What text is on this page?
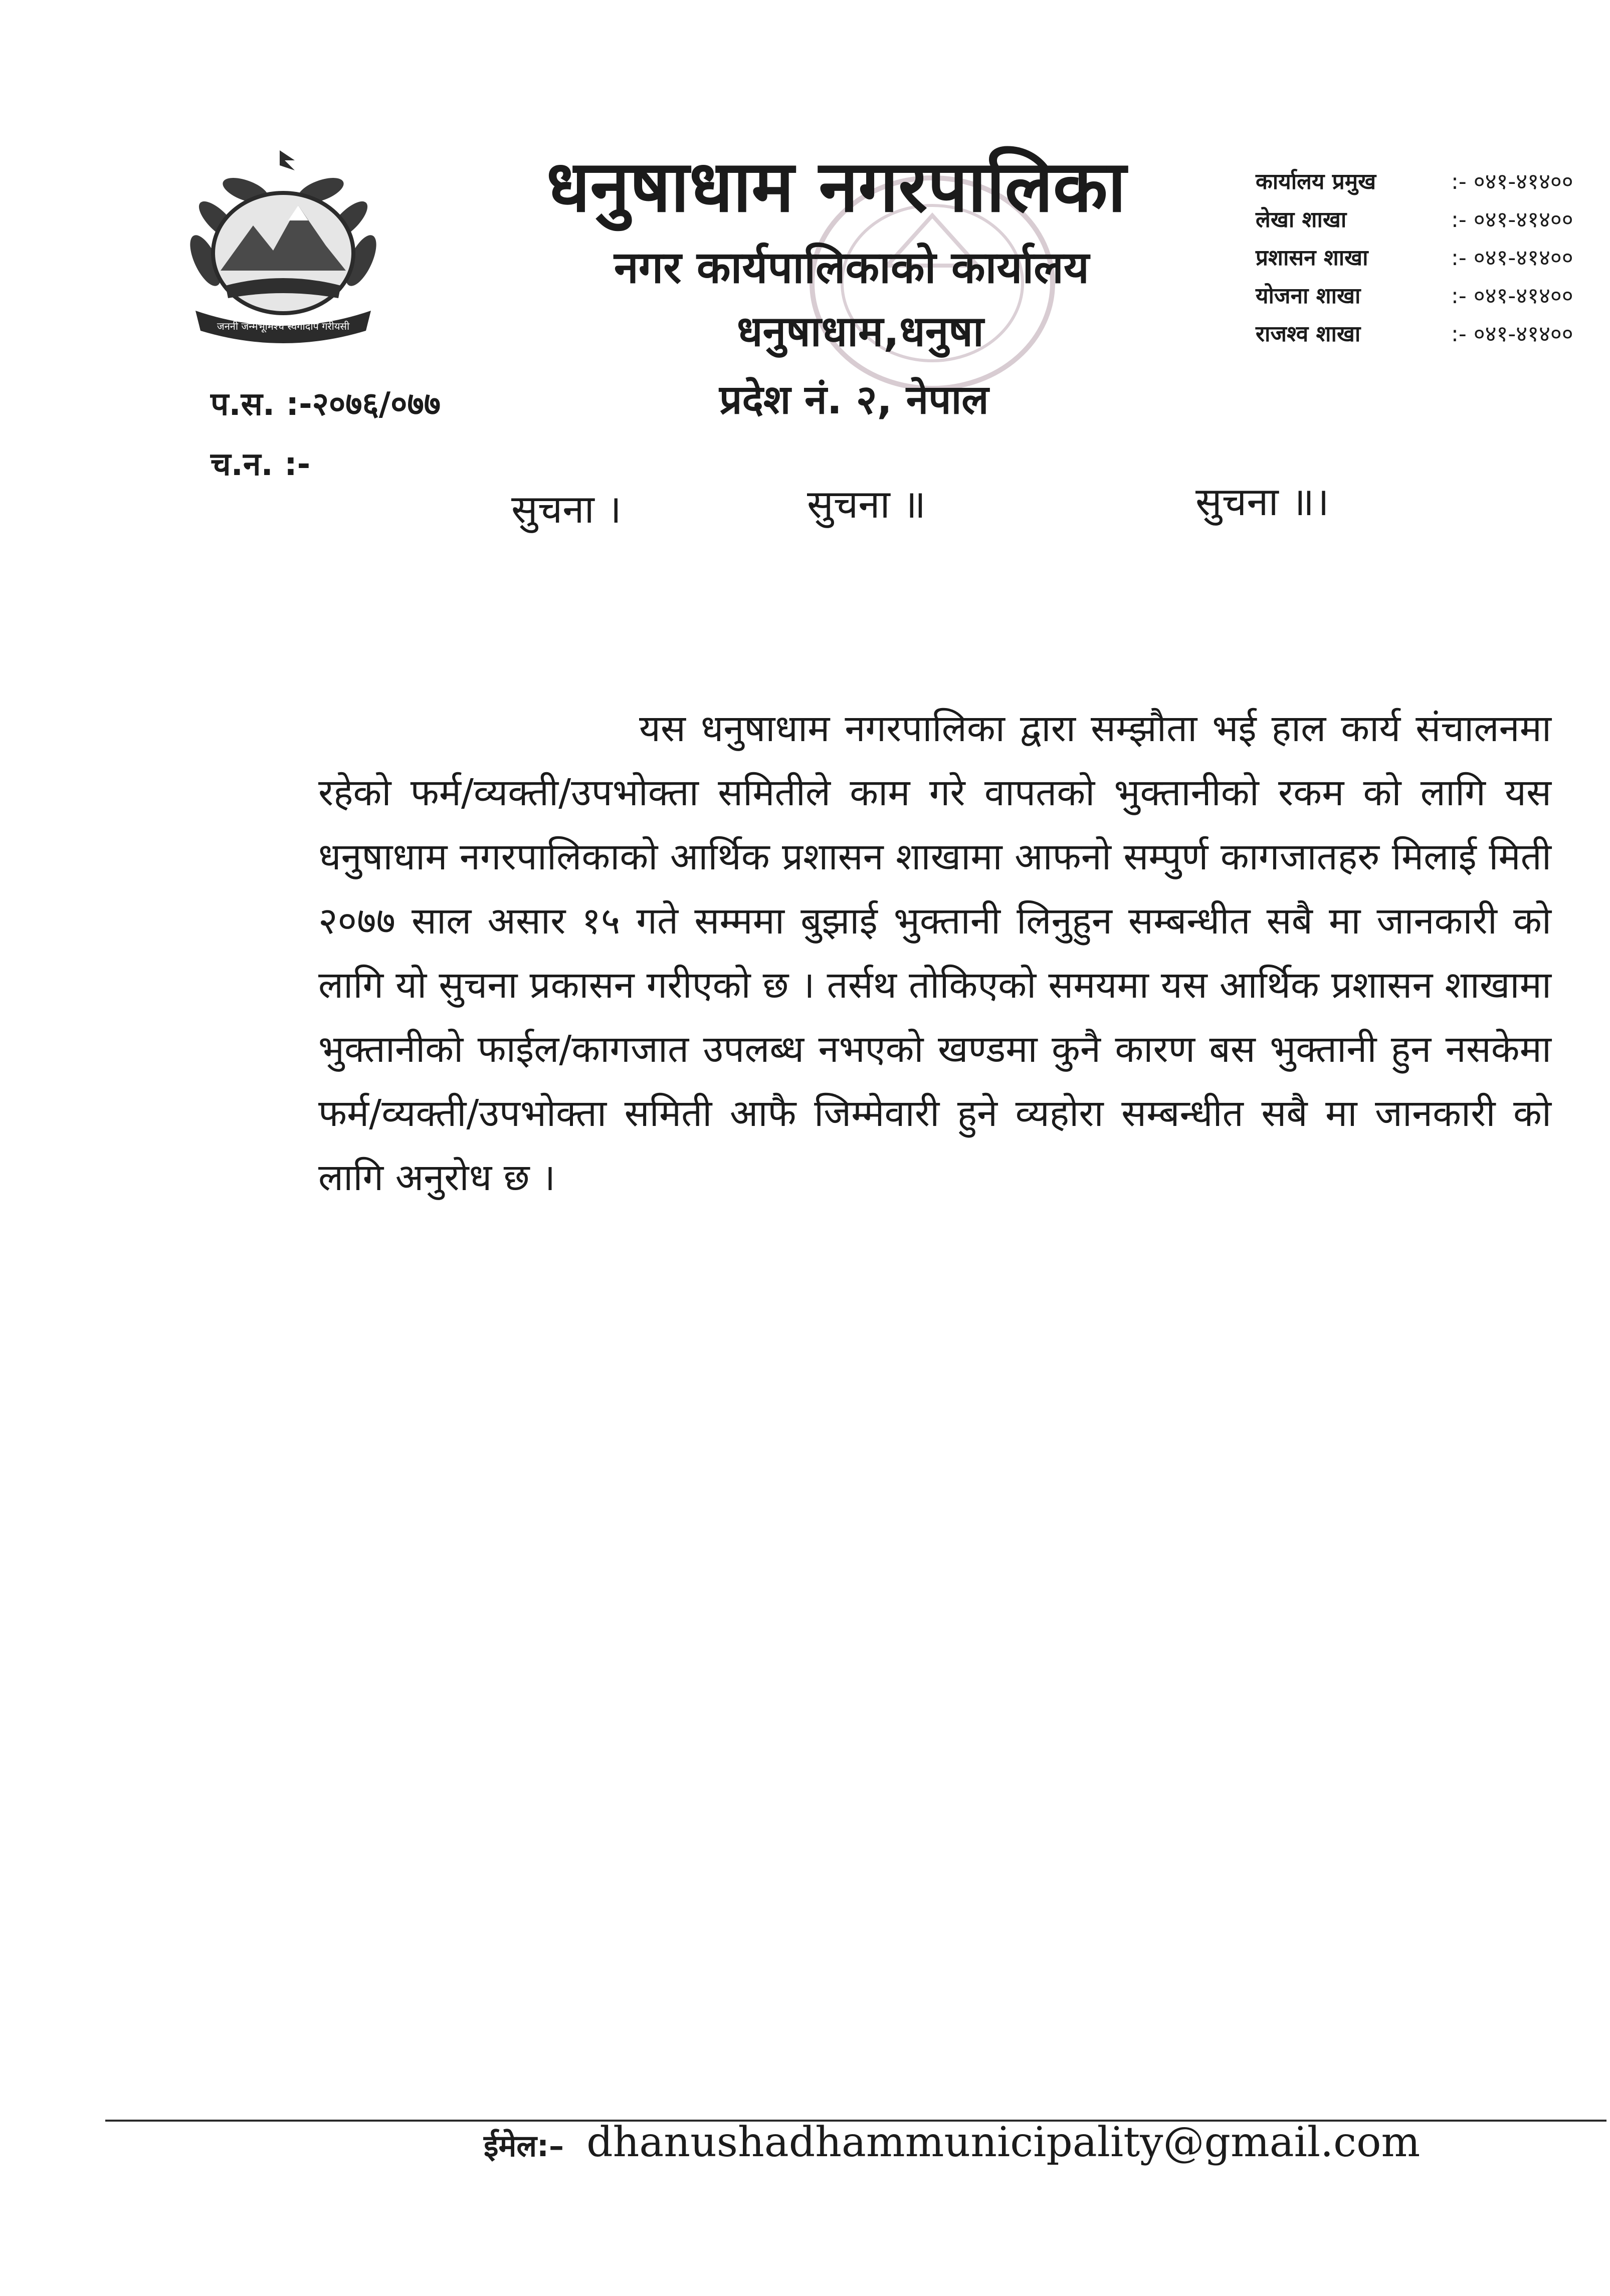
जननी जन्मभूमिश्च स्वर्गादपि गरीयसी
धनुषाधाम नगरपालिका
नगर कार्यपालिकाको कार्यालय
धनुषाधाम,धनुषा
प्रदेश नं. २, नेपाल
कार्यालय प्रमुख	:- ०४१-४१४००
लेखा शाखा	:- ०४१-४१४००
प्रशासन शाखा	:- ०४१-४१४००
योजना शाखा	:- ०४१-४१४००
राजश्व शाखा	:- ०४१-४१४००
प.स. :-२०७६/०७७
च.न. :-
सुचना ।	सुचना ॥	सुचना ॥।
यस धनुषाधाम नगरपालिका द्वारा सम्झौता भई हाल कार्य संचालनमा रहेको फर्म/व्यक्ती/उपभोक्ता समितीले काम गरे वापतको भुक्तानीको रकम को लागि यस धनुषाधाम नगरपालिकाको आर्थिक प्रशासन शाखामा आफनो सम्पुर्ण कागजातहरु मिलाई मिती २०७७ साल असार १५ गते सम्ममा बुझाई भुक्तानी लिनुहुन सम्बन्धीत सबै मा जानकारी को लागि यो सुचना प्रकासन गरीएको छ । तर्सथ तोकिएको समयमा यस आर्थिक प्रशासन शाखामा भुक्तानीको फाईल/कागजात उपलब्ध नभएको खण्डमा कुनै कारण बस भुक्तानी हुन नसकेमा फर्म/व्यक्ती/उपभोक्ता समिती आफै जिम्मेवारी हुने व्यहोरा सम्बन्धीत सबै मा जानकारी को लागि अनुरोध छ ।
ईमेल:– dhanushadhammunicipality@gmail.com
